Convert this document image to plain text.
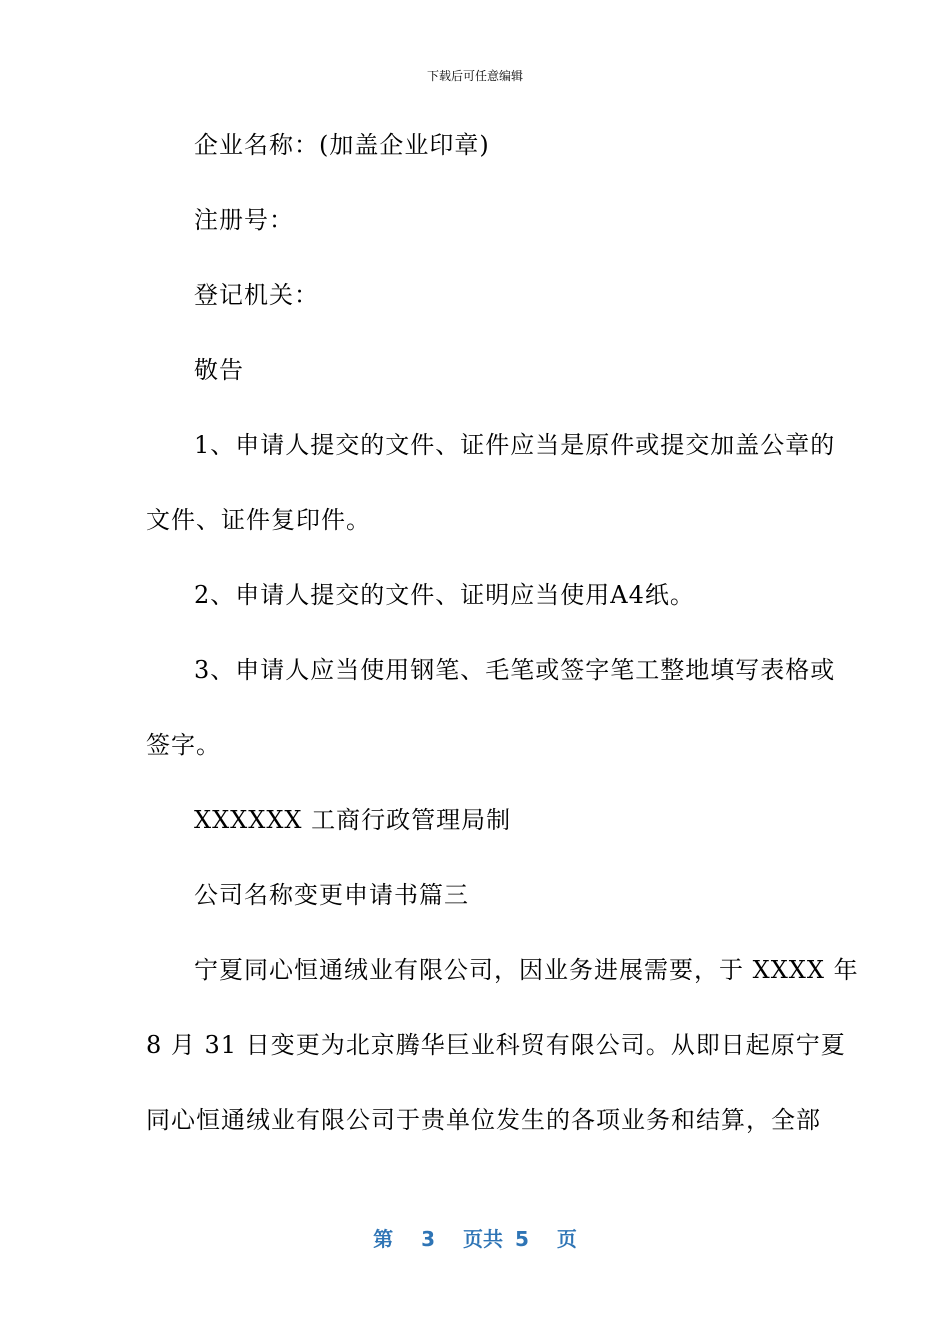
下载后可任意编辑
企业名称：(加盖企业印章)
注册号：
登记机关：
敬告
1、申请人提交的文件、证件应当是原件或提交加盖公章的
文件、证件复印件。
2、申请人提交的文件、证明应当使用A4纸。
3、申请人应当使用钢笔、毛笔或签字笔工整地填写表格或
签字。
XXXXXX 工商行政管理局制
公司名称变更申请书篇三
宁夏同心恒通绒业有限公司，因业务进展需要，于 XXXX 年
8 月 31 日变更为北京腾华巨业科贸有限公司。从即日起原宁夏
同心恒通绒业有限公司于贵单位发生的各项业务和结算，全部
第 3 页共 5 页
